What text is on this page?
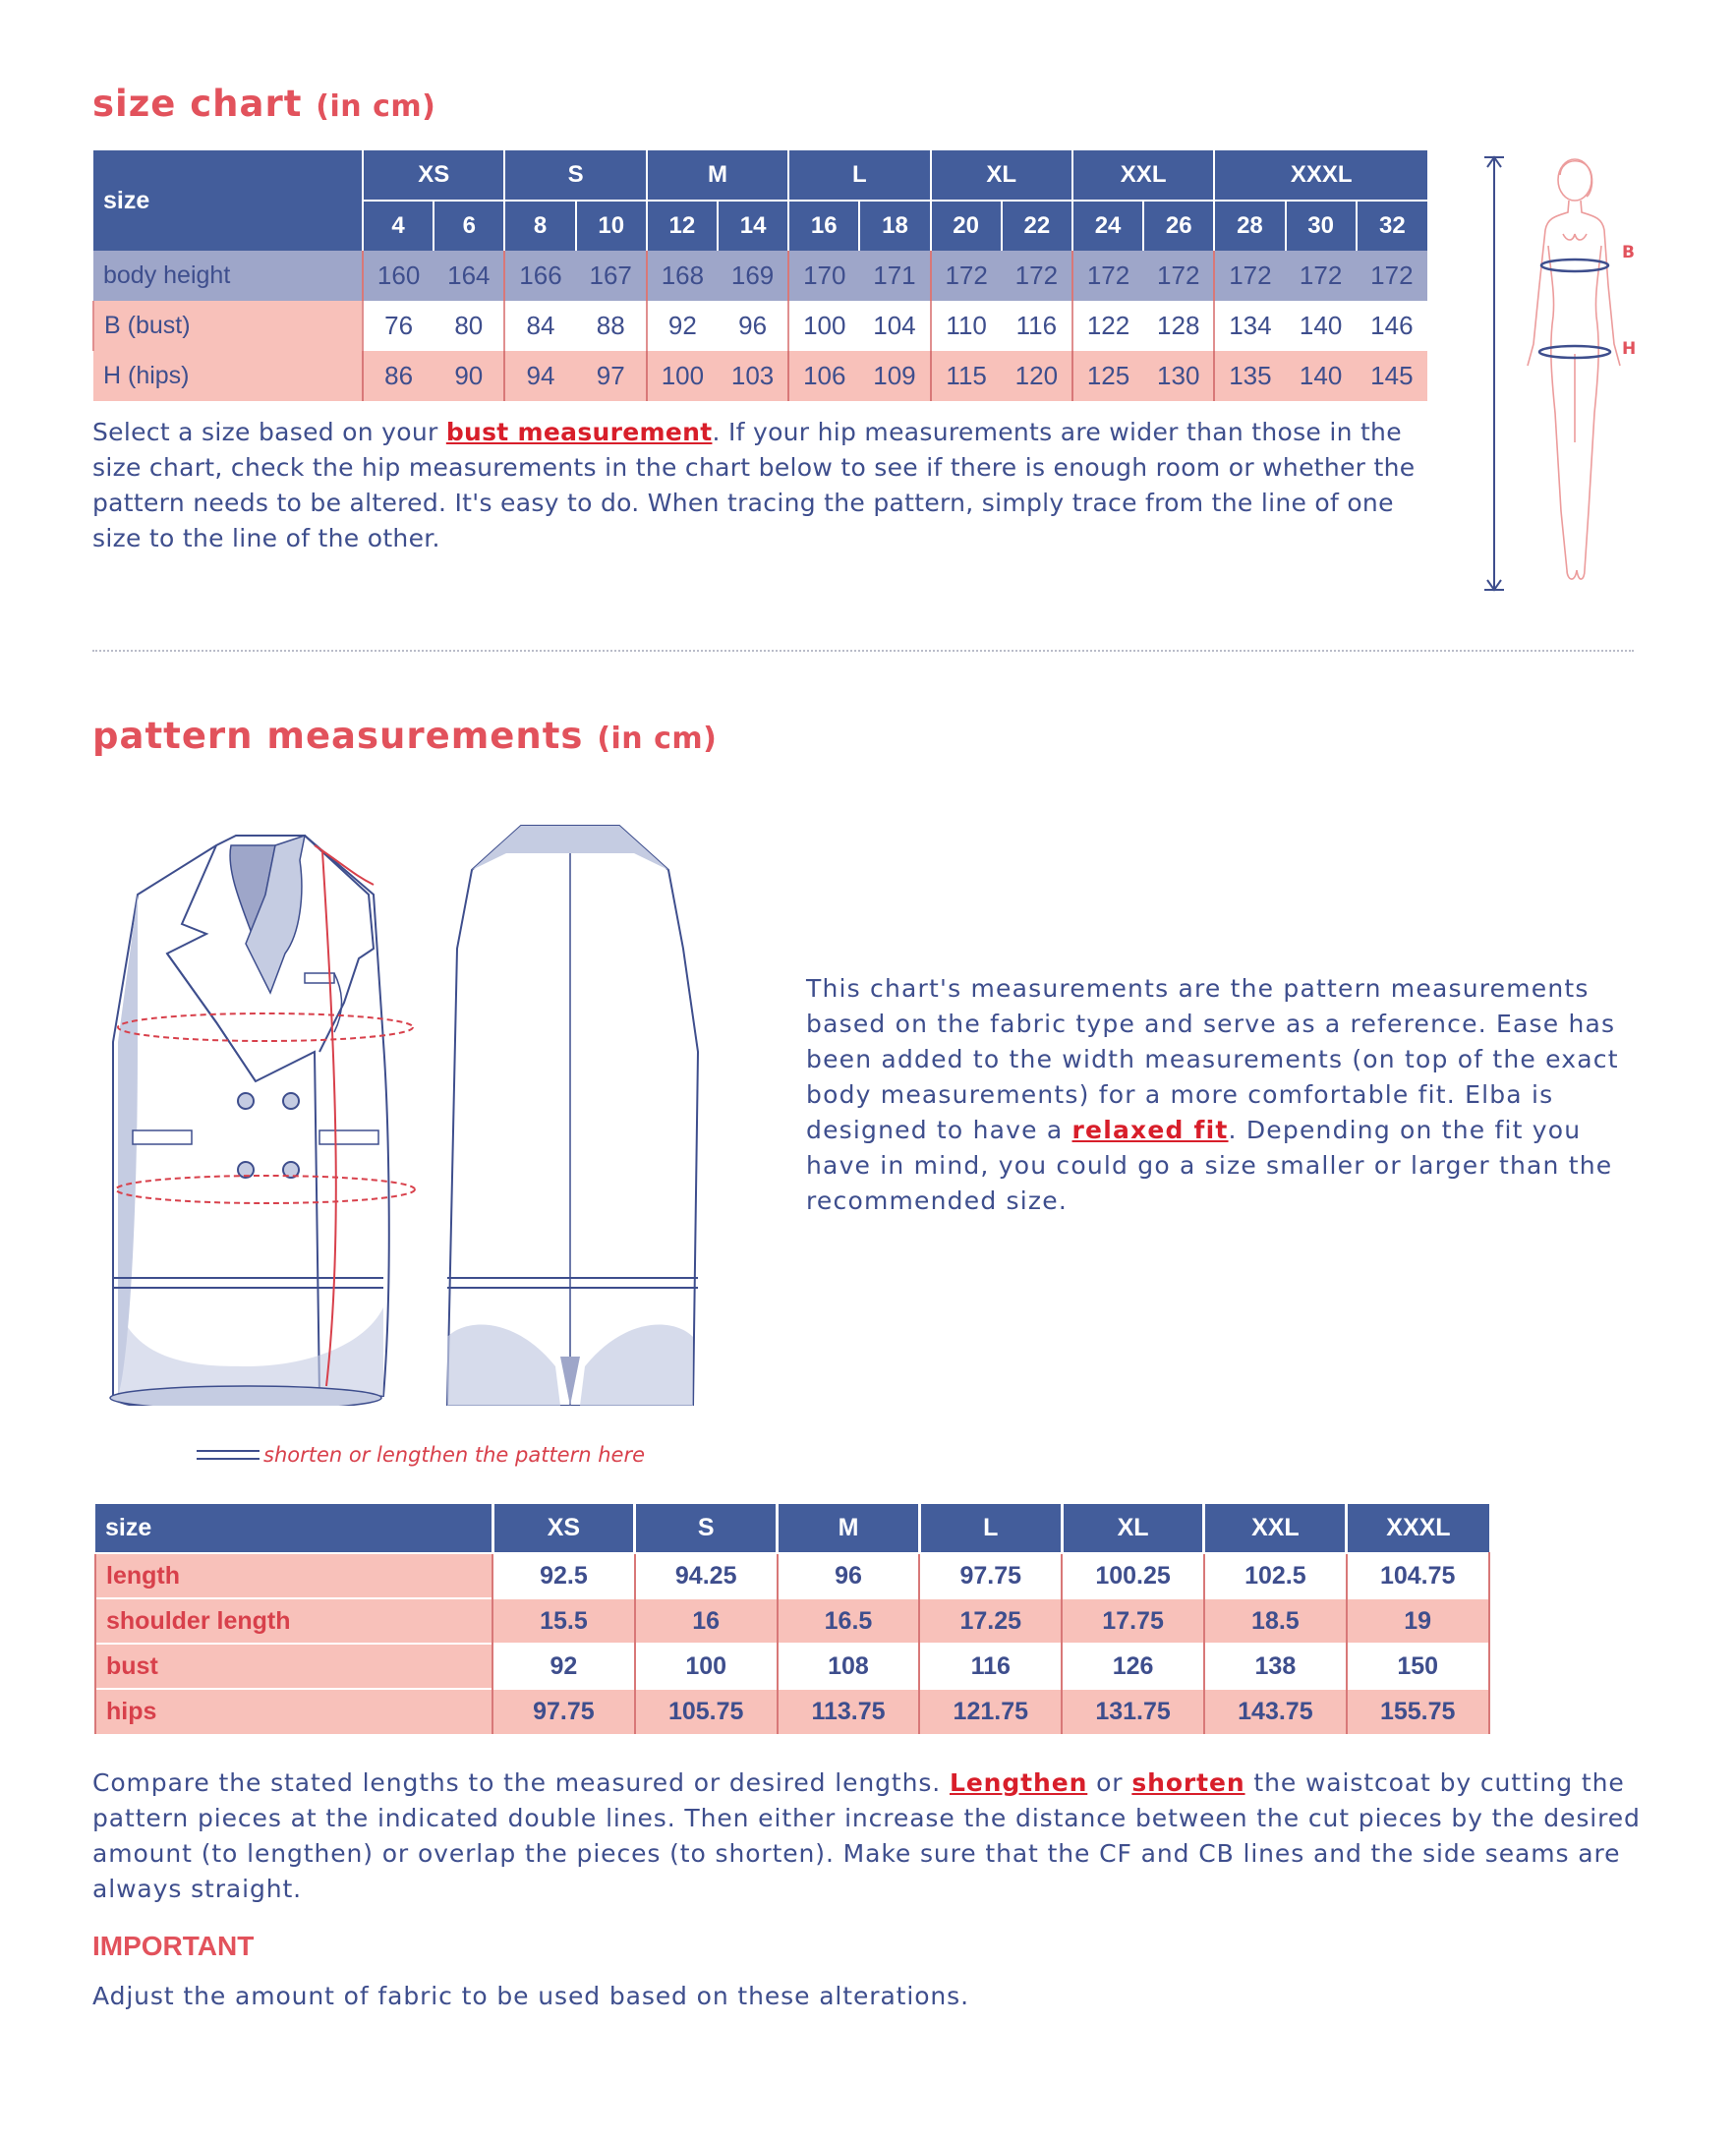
size chart (in cm)
size	XS		S		M		L		XL		XXL		XXXL		
	4	6	8	10	12	14	16	18	20	22	24	26	28	30	32
body height	160	164	166	167	168	169	170	171	172	172	172	172	172	172	172
B (bust)	76	80	84	88	92	96	100	104	110	116	122	128	134	140	146
H (hips)	86	90	94	97	100	103	106	109	115	120	125	130	135	140	145
Select a size based on your bust measurement. If your hip measurements are wider than those in the size chart, check the hip measurements in the chart below to see if there is enough room or whether the pattern needs to be altered. It's easy to do. When tracing the pattern, simply trace from the line of one size to the line of the other.
B
H
pattern measurements (in cm)
shorten or lengthen the pattern here
This chart's measurements are the pattern measurements based on the fabric type and serve as a reference. Ease has been added to the width measurements (on top of the exact body measurements) for a more comfortable fit. Elba is designed to have a relaxed fit. Depending on the fit you have in mind, you could go a size smaller or larger than the recommended size.
size	XS	S	M	L	XL	XXL	XXXL
length	92.5	94.25	96	97.75	100.25	102.5	104.75
shoulder length	15.5	16	16.5	17.25	17.75	18.5	19
bust	92	100	108	116	126	138	150
hips	97.75	105.75	113.75	121.75	131.75	143.75	155.75
Compare the stated lengths to the measured or desired lengths. Lengthen or shorten the waistcoat by cutting the pattern pieces at the indicated double lines. Then either increase the distance between the cut pieces by the desired amount (to lengthen) or overlap the pieces (to shorten). Make sure that the CF and CB lines and the side seams are always straight.
IMPORTANT
Adjust the amount of fabric to be used based on these alterations.
